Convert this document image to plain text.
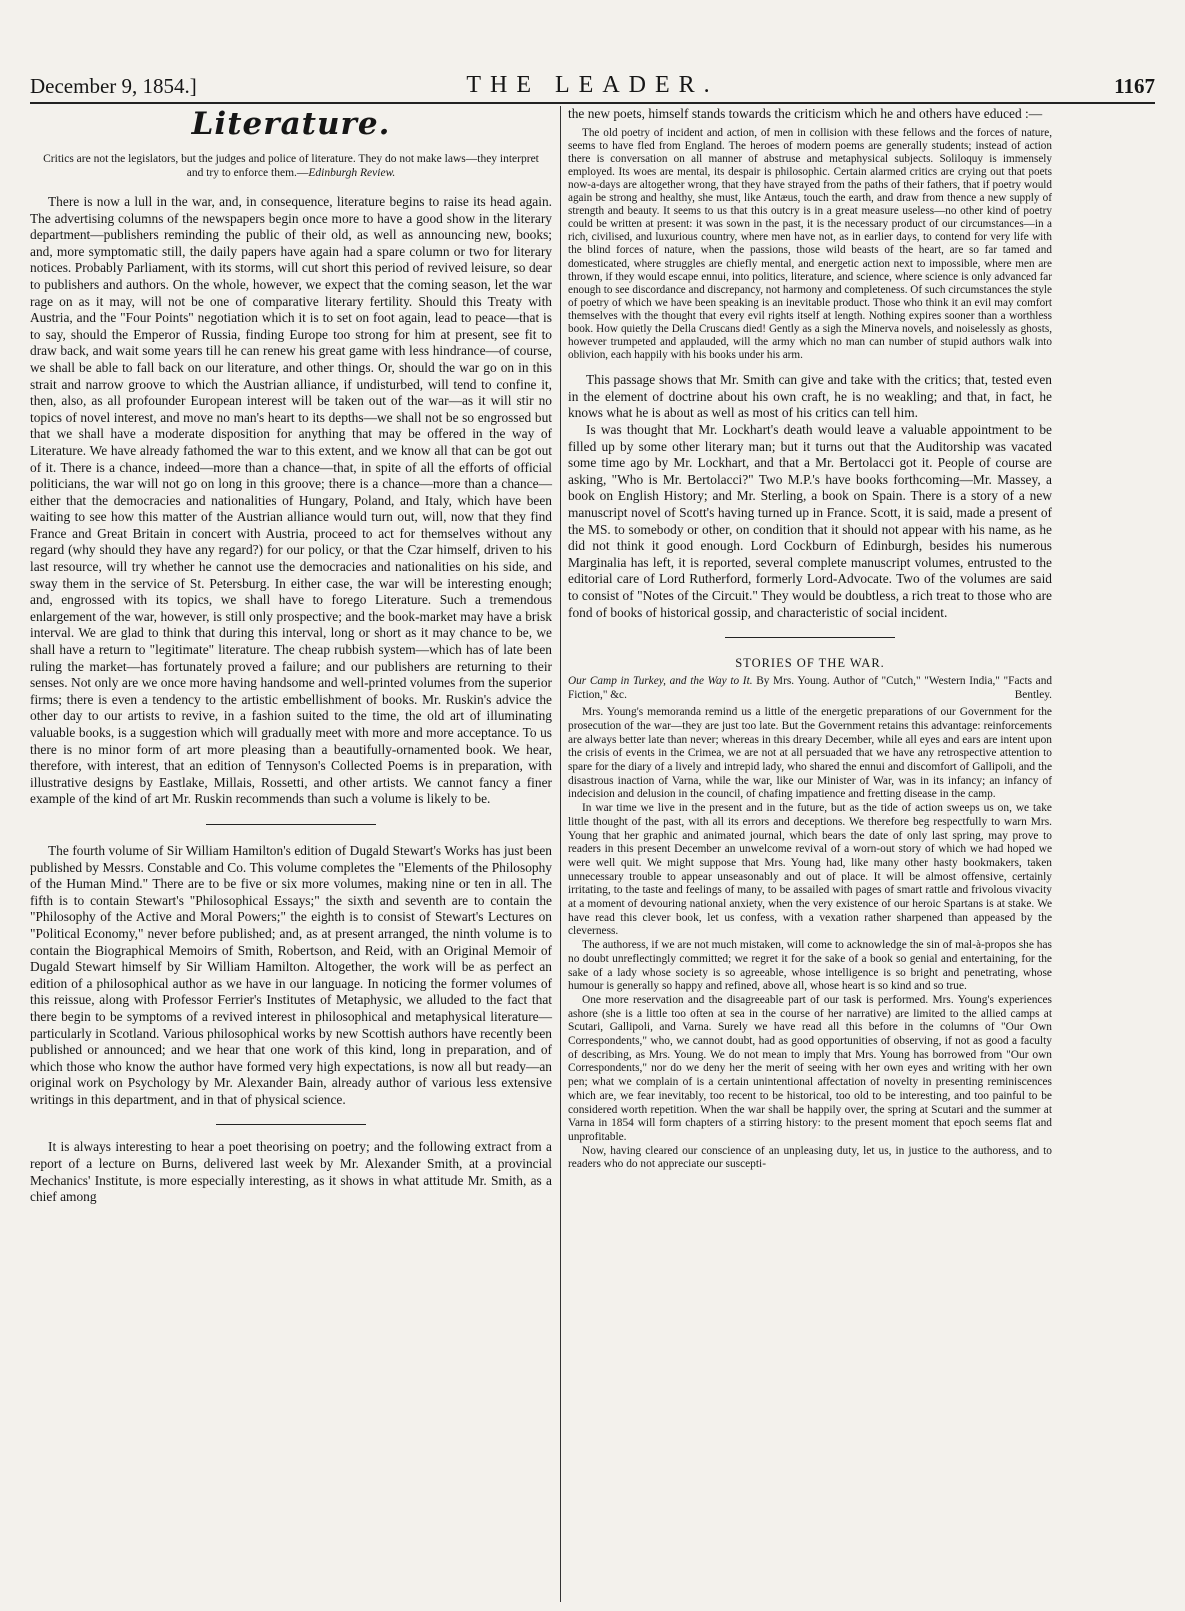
December 9, 1854.]	THE LEADER.	1167
Literature.
Critics are not the legislators, but the judges and police of literature. They do not make laws—they interpret and try to enforce them.—Edinburgh Review.

There is now a lull in the war, and, in consequence, literature begins to raise its head again. The advertising columns of the newspapers begin once more to have a good show in the literary department—publishers reminding the public of their old, as well as announcing new, books; and, more symptomatic still, the daily papers have again had a spare column or two for literary notices. Probably Parliament, with its storms, will cut short this period of revived leisure, so dear to publishers and authors. On the whole, however, we expect that the coming season, let the war rage on as it may, will not be one of comparative literary fertility. Should this Treaty with Austria, and the "Four Points" negotiation which it is to set on foot again, lead to peace—that is to say, should the Emperor of Russia, finding Europe too strong for him at present, see fit to draw back, and wait some years till he can renew his great game with less hindrance—of course, we shall be able to fall back on our literature, and other things. Or, should the war go on in this strait and narrow groove to which the Austrian alliance, if undisturbed, will tend to confine it, then, also, as all profounder European interest will be taken out of the war—as it will stir no topics of novel interest, and move no man's heart to its depths—we shall not be so engrossed but that we shall have a moderate disposition for anything that may be offered in the way of Literature. We have already fathomed the war to this extent, and we know all that can be got out of it. There is a chance, indeed—more than a chance—that, in spite of all the efforts of official politicians, the war will not go on long in this groove; there is a chance—more than a chance—either that the democracies and nationalities of Hungary, Poland, and Italy, which have been waiting to see how this matter of the Austrian alliance would turn out, will, now that they find France and Great Britain in concert with Austria, proceed to act for themselves without any regard (why should they have any regard?) for our policy, or that the Czar himself, driven to his last resource, will try whether he cannot use the democracies and nationalities on his side, and sway them in the service of St. Petersburg. In either case, the war will be interesting enough; and, engrossed with its topics, we shall have to forego Literature. Such a tremendous enlargement of the war, however, is still only prospective; and the book-market may have a brisk interval. We are glad to think that during this interval, long or short as it may chance to be, we shall have a return to "legitimate" literature. The cheap rubbish system—which has of late been ruling the market—has fortunately proved a failure; and our publishers are returning to their senses. Not only are we once more having handsome and well-printed volumes from the superior firms; there is even a tendency to the artistic embellishment of books. Mr. Ruskin's advice the other day to our artists to revive, in a fashion suited to the time, the old art of illuminating valuable books, is a suggestion which will gradually meet with more and more acceptance. To us there is no minor form of art more pleasing than a beautifully-ornamented book. We hear, therefore, with interest, that an edition of Tennyson's Collected Poems is in preparation, with illustrative designs by Eastlake, Millais, Rossetti, and other artists. We cannot fancy a finer example of the kind of art Mr. Ruskin recommends than such a volume is likely to be.

The fourth volume of Sir William Hamilton's edition of Dugald Stewart's Works has just been published by Messrs. Constable and Co. This volume completes the "Elements of the Philosophy of the Human Mind." There are to be five or six more volumes, making nine or ten in all. The fifth is to contain Stewart's "Philosophical Essays;" the sixth and seventh are to contain the "Philosophy of the Active and Moral Powers;" the eighth is to consist of Stewart's Lectures on "Political Economy," never before published; and, as at present arranged, the ninth volume is to contain the Biographical Memoirs of Smith, Robertson, and Reid, with an Original Memoir of Dugald Stewart himself by Sir William Hamilton. Altogether, the work will be as perfect an edition of a philosophical author as we have in our language. In noticing the former volumes of this reissue, along with Professor Ferrier's Institutes of Metaphysic, we alluded to the fact that there begin to be symptoms of a revived interest in philosophical and metaphysical literature—particularly in Scotland. Various philosophical works by new Scottish authors have recently been published or announced; and we hear that one work of this kind, long in preparation, and of which those who know the author have formed very high expectations, is now all but ready—an original work on Psychology by Mr. Alexander Bain, already author of various less extensive writings in this department, and in that of physical science.

It is always interesting to hear a poet theorising on poetry; and the following extract from a report of a lecture on Burns, delivered last week by Mr. Alexander Smith, at a provincial Mechanics' Institute, is more especially interesting, as it shows in what attitude Mr. Smith, as a chief among

the new poets, himself stands towards the criticism which he and others have educed :—

The old poetry of incident and action, of men in collision with these fellows and the forces of nature, seems to have fled from England. The heroes of modern poems are generally students; instead of action there is conversation on all manner of abstruse and metaphysical subjects. Soliloquy is immensely employed. Its woes are mental, its despair is philosophic. Certain alarmed critics are crying out that poets now-a-days are altogether wrong, that they have strayed from the paths of their fathers, that if poetry would again be strong and healthy, she must, like Antæus, touch the earth, and draw from thence a new supply of strength and beauty. It seems to us that this outcry is in a great measure useless—no other kind of poetry could be written at present: it was sown in the past, it is the necessary product of our circumstances—in a rich, civilised, and luxurious country, where men have not, as in earlier days, to contend for very life with the blind forces of nature, when the passions, those wild beasts of the heart, are so far tamed and domesticated, where struggles are chiefly mental, and energetic action next to impossible, where men are thrown, if they would escape ennui, into politics, literature, and science, where science is only advanced far enough to see discordance and discrepancy, not harmony and completeness. Of such circumstances the style of poetry of which we have been speaking is an inevitable product. Those who think it an evil may comfort themselves with the thought that every evil rights itself at length. Nothing expires sooner than a worthless book. How quietly the Della Cruscans died! Gently as a sigh the Minerva novels, and noiselessly as ghosts, however trumpeted and applauded, will the army which no man can number of stupid authors walk into oblivion, each happily with his books under his arm.

This passage shows that Mr. Smith can give and take with the critics; that, tested even in the element of doctrine about his own craft, he is no weakling; and that, in fact, he knows what he is about as well as most of his critics can tell him.

Is was thought that Mr. Lockhart's death would leave a valuable appointment to be filled up by some other literary man; but it turns out that the Auditorship was vacated some time ago by Mr. Lockhart, and that a Mr. Bertolacci got it. People of course are asking, "Who is Mr. Bertolacci?" Two M.P.'s have books forthcoming—Mr. Massey, a book on English History; and Mr. Sterling, a book on Spain. There is a story of a new manuscript novel of Scott's having turned up in France. Scott, it is said, made a present of the MS. to somebody or other, on condition that it should not appear with his name, as he did not think it good enough. Lord Cockburn of Edinburgh, besides his numerous Marginalia has left, it is reported, several complete manuscript volumes, entrusted to the editorial care of Lord Rutherford, formerly Lord-Advocate. Two of the volumes are said to consist of "Notes of the Circuit." They would be doubtless, a rich treat to those who are fond of books of historical gossip, and characteristic of social incident.

STORIES OF THE WAR.
Our Camp in Turkey, and the Way to It. By Mrs. Young. Author of "Cutch," "Western India," "Facts and Fiction," &c.	Bentley.

Mrs. Young's memoranda remind us a little of the energetic preparations of our Government for the prosecution of the war—they are just too late. But the Government retains this advantage: reinforcements are always better late than never; whereas in this dreary December, while all eyes and ears are intent upon the crisis of events in the Crimea, we are not at all persuaded that we have any retrospective attention to spare for the diary of a lively and intrepid lady, who shared the ennui and discomfort of Gallipoli, and the disastrous inaction of Varna, while the war, like our Minister of War, was in its infancy; an infancy of indecision and delusion in the council, of chafing impatience and fretting disease in the camp.

In war time we live in the present and in the future, but as the tide of action sweeps us on, we take little thought of the past, with all its errors and deceptions. We therefore beg respectfully to warn Mrs. Young that her graphic and animated journal, which bears the date of only last spring, may prove to readers in this present December an unwelcome revival of a worn-out story of which we had hoped we were well quit. We might suppose that Mrs. Young had, like many other hasty bookmakers, taken unnecessary trouble to appear unseasonably and out of place. It will be almost offensive, certainly irritating, to the taste and feelings of many, to be assailed with pages of smart rattle and frivolous vivacity at a moment of devouring national anxiety, when the very existence of our heroic Spartans is at stake. We have read this clever book, let us confess, with a vexation rather sharpened than appeased by the cleverness.

The authoress, if we are not much mistaken, will come to acknowledge the sin of mal-à-propos she has no doubt unreflectingly committed; we regret it for the sake of a book so genial and entertaining, for the sake of a lady whose society is so agreeable, whose intelligence is so bright and penetrating, whose humour is generally so happy and refined, above all, whose heart is so kind and so true.

One more reservation and the disagreeable part of our task is performed. Mrs. Young's experiences ashore (she is a little too often at sea in the course of her narrative) are limited to the allied camps at Scutari, Gallipoli, and Varna. Surely we have read all this before in the columns of "Our Own Correspondents," who, we cannot doubt, had as good opportunities of observing, if not as good a faculty of describing, as Mrs. Young. We do not mean to imply that Mrs. Young has borrowed from "Our own Correspondents," nor do we deny her the merit of seeing with her own eyes and writing with her own pen; what we complain of is a certain unintentional affectation of novelty in presenting reminiscences which are, we fear inevitably, too recent to be historical, too old to be interesting, and too painful to be considered worth repetition. When the war shall be happily over, the spring at Scutari and the summer at Varna in 1854 will form chapters of a stirring history: to the present moment that epoch seems flat and unprofitable.

Now, having cleared our conscience of an unpleasing duty, let us, in justice to the authoress, and to readers who do not appreciate our suscepti-
